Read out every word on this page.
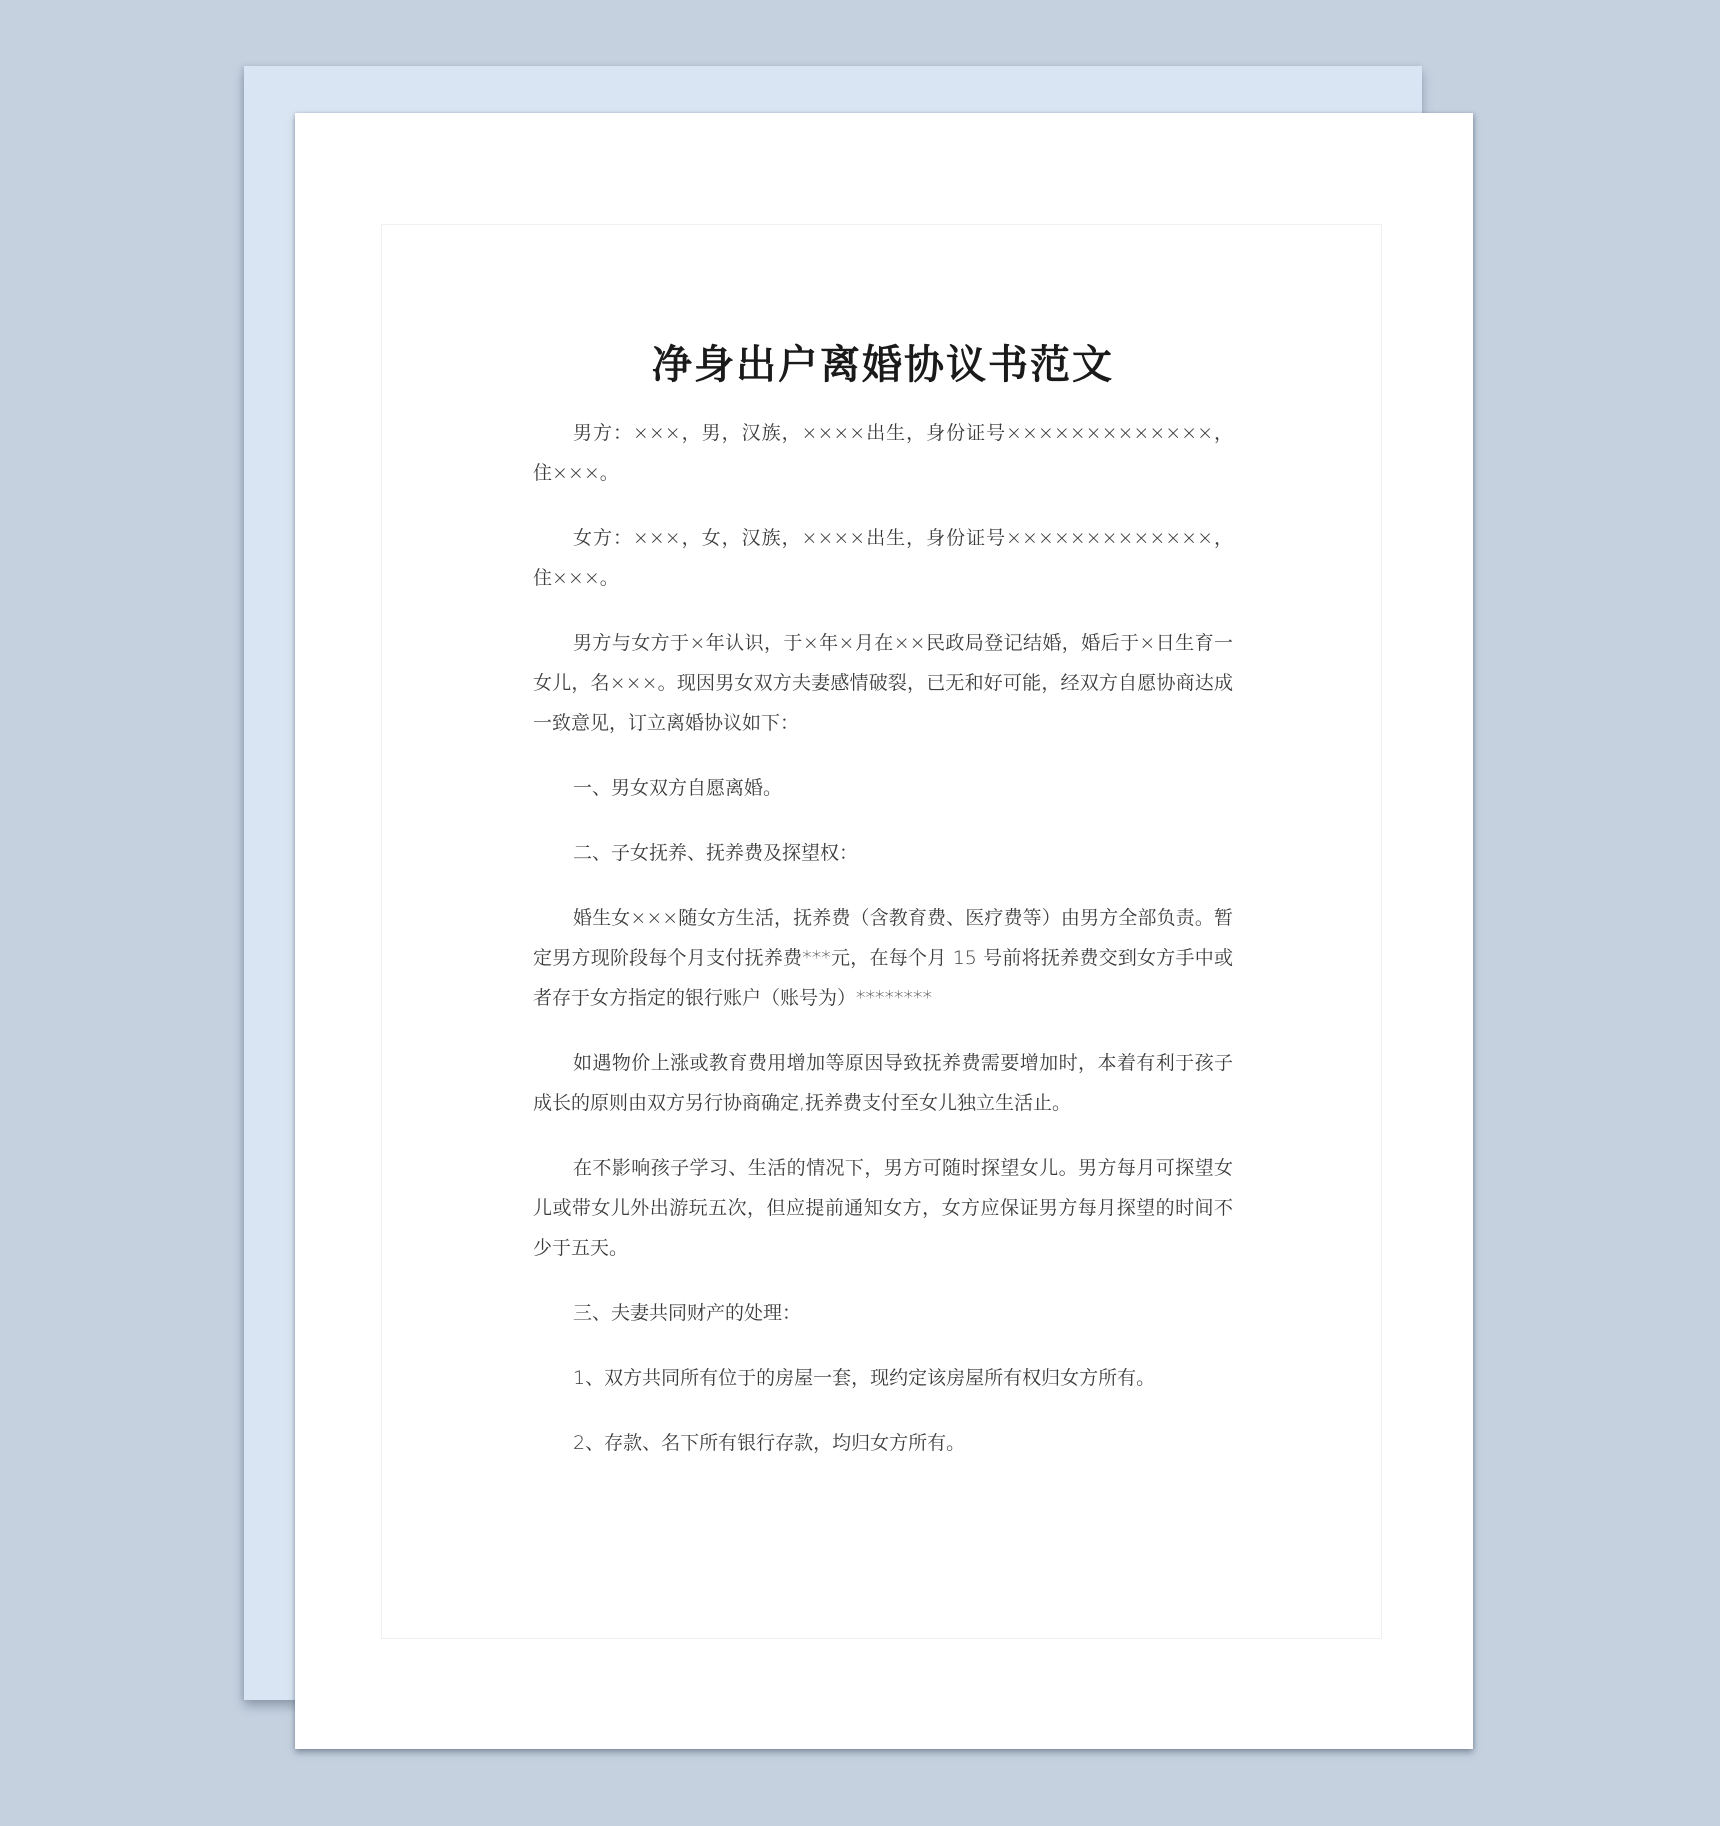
净身出户离婚协议书范文

男方：×××，男，汉族，××××出生，身份证号×××××××××××××，住×××。

女方：×××，女，汉族，××××出生，身份证号×××××××××××××，住×××。

男方与女方于×年认识，于×年×月在××民政局登记结婚，婚后于×日生育一女儿，名×××。现因男女双方夫妻感情破裂，已无和好可能，经双方自愿协商达成一致意见，订立离婚协议如下：

一、男女双方自愿离婚。

二、子女抚养、抚养费及探望权：

婚生女×××随女方生活，抚养费（含教育费、医疗费等）由男方全部负责。暂定男方现阶段每个月支付抚养费***元，在每个月 15 号前将抚养费交到女方手中或者存于女方指定的银行账户（账号为）********

如遇物价上涨或教育费用增加等原因导致抚养费需要增加时，本着有利于孩子成长的原则由双方另行协商确定,抚养费支付至女儿独立生活止。

在不影响孩子学习、生活的情况下，男方可随时探望女儿。男方每月可探望女儿或带女儿外出游玩五次，但应提前通知女方，女方应保证男方每月探望的时间不少于五天。

三、夫妻共同财产的处理：

1、双方共同所有位于的房屋一套，现约定该房屋所有权归女方所有。

2、存款、名下所有银行存款，均归女方所有。
